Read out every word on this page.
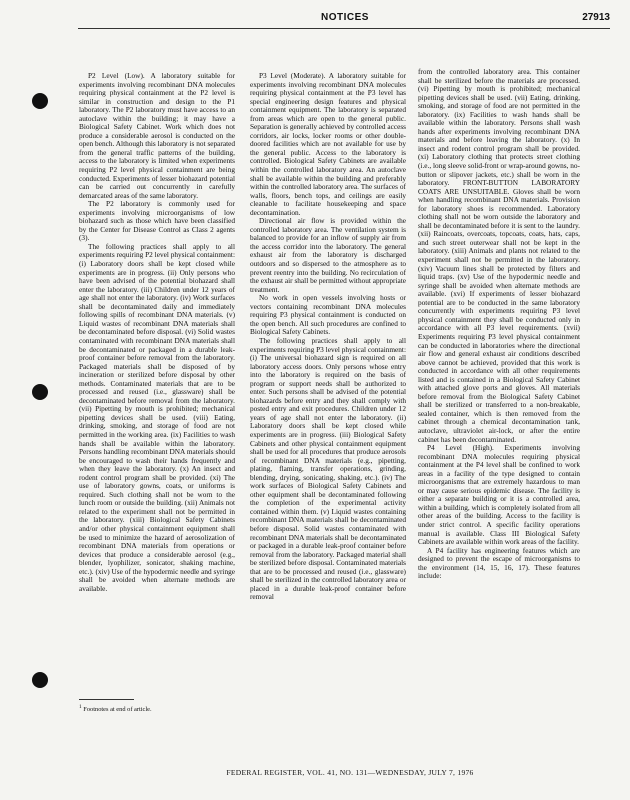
NOTICES	27913

P2 Level (Low). A laboratory suitable for experiments involving recombinant DNA molecules requiring physical containment at the P2 level is similar in construction and design to the P1 laboratory. The P2 laboratory must have access to an autoclave within the building; it may have a Biological Safety Cabinet. Work which does not produce a considerable aerosol is conducted on the open bench. Although this laboratory is not separated from the general traffic patterns of the building, access to the laboratory is limited when experiments requiring P2 level physical containment are being conducted. Experiments of lesser biohazard potential can be carried out concurrently in carefully demarcated areas of the same laboratory.

The P2 laboratory is commonly used for experiments involving microorganisms of low biohazard such as those which have been classified by the Center for Disease Control as Class 2 agents (3).

The following practices shall apply to all experiments requiring P2 level physical containment: (i) Laboratory doors shall be kept closed while experiments are in progress. (ii) Only persons who have been advised of the potential biohazard shall enter the laboratory. (iii) Children under 12 years of age shall not enter the laboratory. (iv) Work surfaces shall be decontaminated daily and immediately following spills of recombinant DNA materials. (v) Liquid wastes of recombinant DNA materials shall be decontaminated before disposal. (vi) Solid wastes contaminated with recombinant DNA materials shall be decontaminated or packaged in a durable leak-proof container before removal from the laboratory. Packaged materials shall be disposed of by incineration or sterilized before disposal by other methods. Contaminated materials that are to be processed and reused (i.e., glassware) shall be decontaminated before removal from the laboratory. (vii) Pipetting by mouth is prohibited; mechanical pipetting devices shall be used. (viii) Eating, drinking, smoking, and storage of food are not permitted in the working area. (ix) Facilities to wash hands shall be available within the laboratory. Persons handling recombinant DNA materials should be encouraged to wash their hands frequently and when they leave the laboratory. (x) An insect and rodent control program shall be provided. (xi) The use of laboratory gowns, coats, or uniforms is required. Such clothing shall not be worn to the lunch room or outside the building. (xii) Animals not related to the experiment shall not be permitted in the laboratory. (xiii) Biological Safety Cabinets and/or other physical containment equipment shall be used to minimize the hazard of aerosolization of recombinant DNA materials from operations or devices that produce a considerable aerosol (e.g., blender, lyophilizer, sonicator, shaking machine, etc.). (xiv) Use of the hypodermic needle and syringe shall be avoided when alternate methods are available.

$^1$ Footnotes at end of article.

P3 Level (Moderate). A laboratory suitable for experiments involving recombinant DNA molecules requiring physical containment at the P3 level has special engineering design features and physical containment equipment. The laboratory is separated from areas which are open to the general public. Separation is generally achieved by controlled access corridors, air locks, locker rooms or other double-doored facilities which are not available for use by the general public. Access to the laboratory is controlled. Biological Safety Cabinets are available within the controlled laboratory area. An autoclave shall be available within the building and preferably within the controlled laboratory area. The surfaces of walls, floors, bench tops, and ceilings are easily cleanable to facilitate housekeeping and space decontamination.

Directional air flow is provided within the controlled laboratory area. The ventilation system is balanced to provide for an inflow of supply air from the access corridor into the laboratory. The general exhaust air from the laboratory is discharged outdoors and so dispersed to the atmosphere as to prevent reentry into the building. No recirculation of the exhaust air shall be permitted without appropriate treatment.

No work in open vessels involving hosts or vectors containing recombinant DNA molecules requiring P3 physical containment is conducted on the open bench. All such procedures are confined to Biological Safety Cabinets.

The following practices shall apply to all experiments requiring P3 level physical containment: (i) The universal biohazard sign is required on all laboratory access doors. Only persons whose entry into the laboratory is required on the basis of program or support needs shall be authorized to enter. Such persons shall be advised of the potential biohazards before entry and they shall comply with posted entry and exit procedures. Children under 12 years of age shall not enter the laboratory. (ii) Laboratory doors shall be kept closed while experiments are in progress. (iii) Biological Safety Cabinets and other physical containment equipment shall be used for all procedures that produce aerosols of recombinant DNA materials (e.g., pipetting, plating, flaming, transfer operations, grinding, blending, drying, sonicating, shaking, etc.). (iv) The work surfaces of Biological Safety Cabinets and other equipment shall be decontaminated following the completion of the experimental activity contained within them. (v) Liquid wastes containing recombinant DNA materials shall be decontaminated before disposal. Solid wastes contaminated with recombinant DNA materials shall be decontaminated or packaged in a durable leak-proof container before removal from the laboratory. Packaged material shall be sterilized before disposal. Contaminated materials that are to be processed and reused (i.e., glassware) shall be sterilized in the controlled laboratory area or placed in a durable leak-proof container before removal

from the controlled laboratory area. This container shall be sterilized before the materials are processed. (vi) Pipetting by mouth is prohibited; mechanical pipetting devices shall be used. (vii) Eating, drinking, smoking, and storage of food are not permitted in the laboratory. (ix) Facilities to wash hands shall be available within the laboratory. Persons shall wash hands after experiments involving recombinant DNA materials and before leaving the laboratory. (x) In insect and rodent control program shall be provided. (xi) Laboratory clothing that protects street clothing (i.e., long sleeve solid-front or wrap-around gowns, no-button or slipover jackets, etc.) shall be worn in the laboratory. FRONT-BUTTON LABORATORY COATS ARE UNSUITABLE. Gloves shall be worn when handling recombinant DNA materials. Provision for laboratory shoes is recommended. Laboratory clothing shall not be worn outside the laboratory and shall be decontaminated before it is sent to the laundry. (xii) Raincoats, overcoats, topcoats, coats, hats, caps, and such street outerwear shall not be kept in the laboratory. (xiii) Animals and plants not related to the experiment shall not be permitted in the laboratory. (xiv) Vacuum lines shall be protected by filters and liquid traps. (xv) Use of the hypodermic needle and syringe shall be avoided when alternate methods are available. (xvi) If experiments of lesser biohazard potential are to be conducted in the same laboratory concurrently with experiments requiring P3 level physical containment they shall be conducted only in accordance with all P3 level requirements. (xvii) Experiments requiring P3 level physical containment can be conducted in laboratories where the directional air flow and general exhaust air conditions described above cannot be achieved, provided that this work is conducted in accordance with all other requirements listed and is contained in a Biological Safety Cabinet with attached glove ports and gloves. All materials before removal from the Biological Safety Cabinet shall be sterilized or transferred to a non-breakable, sealed container, which is then removed from the cabinet through a chemical decontamination tank, autoclave, ultraviolet air-lock, or after the entire cabinet has been decontaminated.

P4 Level (High). Experiments involving recombinant DNA molecules requiring physical containment at the P4 level shall be confined to work areas in a facility of the type designed to contain microorganisms that are extremely hazardous to man or may cause serious epidemic disease. The facility is either a separate building or it is a controlled area, within a building, which is completely isolated from all other areas of the building. Access to the facility is under strict control. A specific facility operations manual is available. Class III Biological Safety Cabinets are available within work areas of the facility.

A P4 facility has engineering features which are designed to prevent the escape of microorganisms to the environment (14, 15, 16, 17). These features include:

FEDERAL REGISTER, VOL. 41, NO. 131—WEDNESDAY, JULY 7, 1976
